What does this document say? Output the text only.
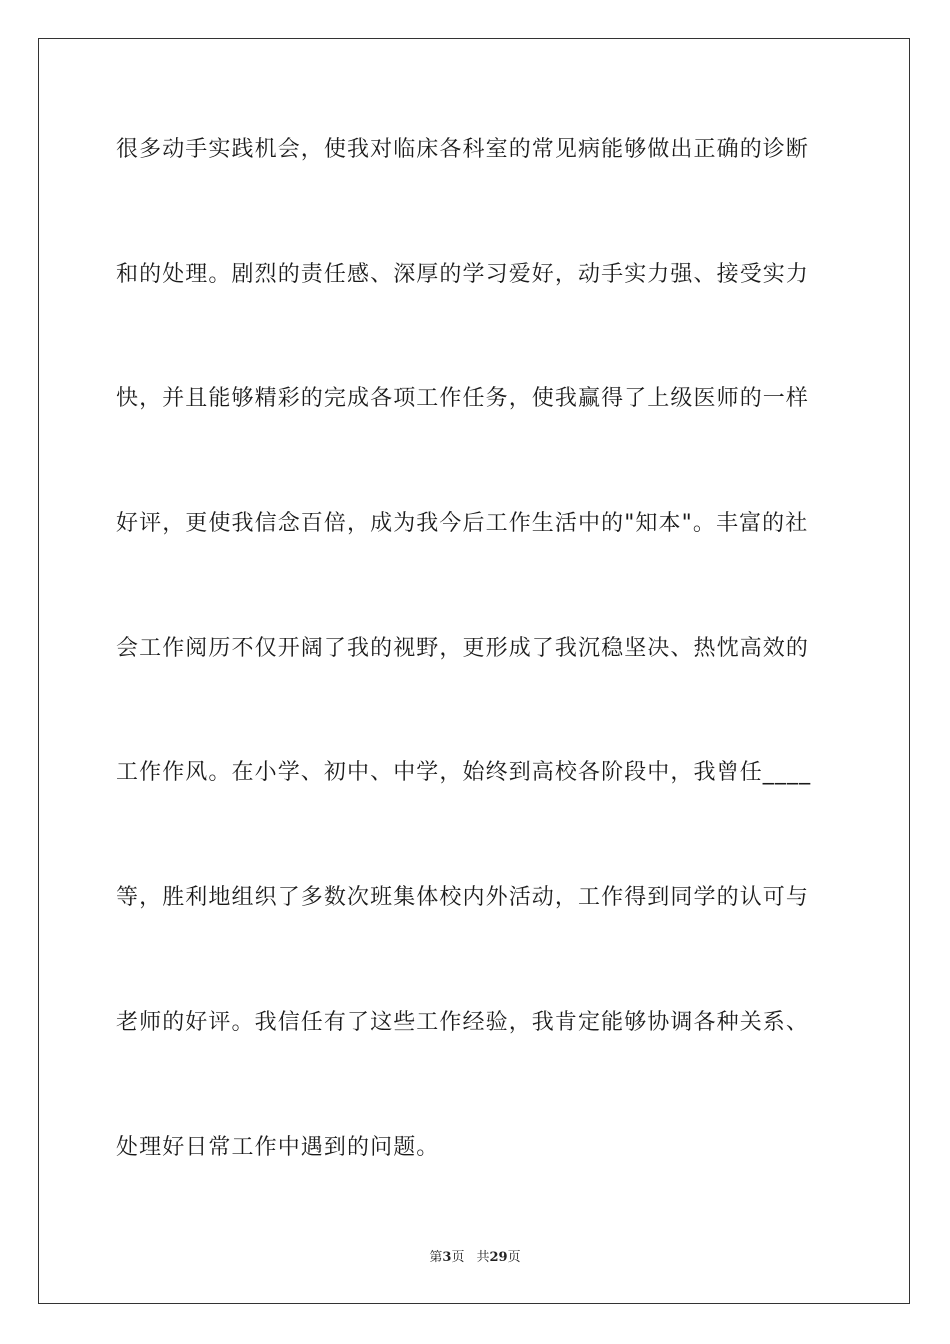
很多动手实践机会，使我对临床各科室的常见病能够做出正确的诊断
和的处理。剧烈的责任感、深厚的学习爱好，动手实力强、接受实力
快，并且能够精彩的完成各项工作任务，使我赢得了上级医师的一样
好评，更使我信念百倍，成为我今后工作生活中的"知本"。丰富的社
会工作阅历不仅开阔了我的视野，更形成了我沉稳坚决、热忱高效的
工作作风。在小学、初中、中学，始终到高校各阶段中，我曾任____
等，胜利地组织了多数次班集体校内外活动，工作得到同学的认可与
老师的好评。我信任有了这些工作经验，我肯定能够协调各种关系、
处理好日常工作中遇到的问题。
第3页 共29页
